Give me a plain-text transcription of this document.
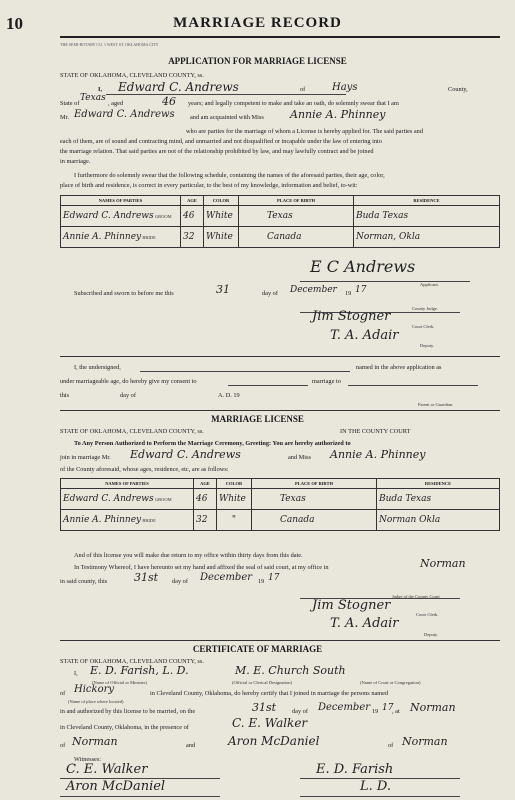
10	MARRIAGE RECORD
THE SEMI-ROTARY CO. 1 WEST ST. OKLAHOMA CITY
APPLICATION FOR MARRIAGE LICENSE
STATE OF OKLAHOMA, CLEVELAND COUNTY, ss.
I, Edward C. Andrews	of	Hays	County,
State of
Texas
, aged	46 years; and legally competent to make and take an oath, do solemnly swear that I am
Mr. Edward C. Andrews and am acquainted with Miss Annie A. Phinney
who are parties for the marriage of whom a License is hereby applied for. The said parties and
each of them, are of sound and contracting mind, and unmarried and not disqualified or incapable under the law of entering into
the marriage relation. That said parties are not of the relationship prohibited by law, and may lawfully contract and be joined
in marriage.
I furthermore do solemnly swear that the following schedule, containing the names of the aforesaid parties, their age, color,
place of birth and residence, is correct in every particular, to the best of my knowledge, information and belief, to-wit:
NAMES OF PARTIES	AGE	COLOR	PLACE OF BIRTH	RESIDENCE
Edward C. Andrews GROOM	46	White	Texas	Buda Texas
Annie A. Phinney BRIDE	32	White	Canada	Norman, Okla
E C Andrews
Applicant.
Subscribed and sworn to before me this	31	day of December 19 17
County Judge.
Jim Stogner
Court Clerk.
T. A. Adair
Deputy.
I, the undersigned,	named in the above application as
under marriageable age, do hereby give my consent to	marriage to
this	day of	A. D. 19
Parent or Guardian.
MARRIAGE LICENSE
STATE OF OKLAHOMA, CLEVELAND COUNTY, ss.	IN THE COUNTY COURT
To Any Person Authorized to Perform the Marriage Ceremony, Greeting: You are hereby authorized to
join in marriage Mr. Edward C. Andrews	and Miss Annie A. Phinney
of the County aforesaid, whose ages, residence, etc, are as follows:
NAMES OF PARTIES	AGE	COLOR	PLACE OF BIRTH	RESIDENCE
Edward C. Andrews GROOM	46	White	Texas	Buda Texas
Annie A. Phinney BRIDE	32	"	Canada	Norman Okla
And of this license you will make due return to my office within thirty days from this date.
In Testimony Whereof, I have hereunto set my hand and affixed the seal of said court, at my office in	Norman
in said county, this 31st day of December 19 17
Judge of the County Court
Jim Stogner
Court Clerk.
T. A. Adair
Deputy.
CERTIFICATE OF MARRIAGE
STATE OF OKLAHOMA, CLEVELAND COUNTY, ss.
I, E. D. Farish, L. D.	M. E. Church South
(Name of Official or Minister)	(Official or Clerical Designation)	(Name of Court or Congregation)
of Hickory	in Cleveland County, Oklahoma, do hereby certify that I joined in marriage the persons named
(Name of place where located)
in and authorized by this license to be married, on the	31st	day of December 19 17
, at Norman
in Cleveland County, Oklahoma, in the presence of	C. E. Walker
of Norman	and	Aron McDaniel	of Norman
Witnesses:
C. E. Walker
Aron McDaniel
E. D. Farish
L. D.
